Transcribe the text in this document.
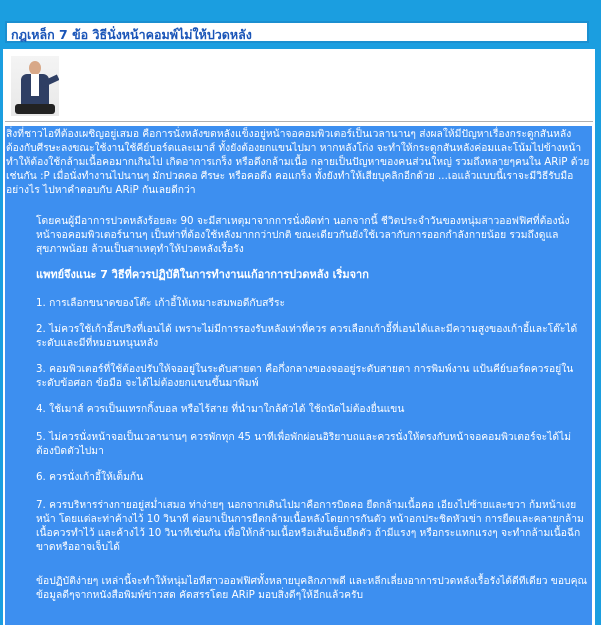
กฎเหล็ก 7 ข้อ วิธีนั่งหน้าคอมพ์ไม่ให้ปวดหลัง
สิ่งที่ชาวไอทีต้องเผชิญอยู่เสมอ คือการนั่งหลังขดหลังแข็งอยู่หน้าจอคอมพิวเตอร์เป็นเวลานานๆ ส่งผลให้มีปัญหาเรื่องกระดูกสันหลัง ต้องกับศีรษะลงขณะใช้งานใช้คีย์บอร์ดและเมาส์ ทั้งยังต้องยกแขนไปมา หากหลังโก่ง จะทำให้กระดูกสันหลังค่อมและโน้มไปข้างหน้า ทำให้ต้องใช้กล้ามเนื้อคอมากเกินไป เกิดอาการเกร็ง หรือดึงกล้ามเนื้อ กลายเป็นปัญหาของคนส่วนใหญ่ รวมถึงหลายๆคนใน ARiP ด้วยเช่นกัน :P เมื่อนั่งทำงานไปนานๆ มักปวดคอ ศีรษะ หรือคอตึง คอแกร็ง ทั้งยังทำให้เสียบุคลิกอีกด้วย ...เอแล้วแบบนี้เราจะมีวิธีรับมืออย่างไร ไปหาคำตอบกับ ARiP กันเลยดีกว่า
โดยคนผู้มีอาการปวดหลังร้อยละ 90 จะมีสาเหตุมาจากการนั่งผิดท่า นอกจากนี้ ชีวิตประจำวันของหนุ่มสาวออฟฟิศที่ต้องนั่งหน้าจอคอมพิวเตอร์นานๆ เป็นท่าที่ต้องใช้หลังมากกว่าปกติ ขณะเดียวกันยังใช้เวลากับการออกกำลังกายน้อย รวมถึงดูแลสุขภาพน้อย ล้วนเป็นสาเหตุทำให้ปวดหลังเรื้อรัง
แพทย์จึงแนะ 7 วิธีที่ควรปฏิบัติในการทำงานแก้อาการปวดหลัง เริ่มจาก
1. การเลือกขนาดของโต๊ะ เก้าอี้ให้เหมาะสมพอดีกับสรีระ
2. ไม่ควรใช้เก้าอี้สปริงที่เอนได้ เพราะไม่มีการรองรับหลังเท่าที่ควร ควรเลือกเก้าอี้ที่เอนได้และมีความสูงของเก้าอี้และโต๊ะได้ระดับและมีที่หมอนหนุนหลัง
3. คอมพิวเตอร์ที่ใช้ต้องปรับให้จออยู่ในระดับสายตา คือกึ่งกลางของจออยู่ระดับสายตา การพิมพ์งาน แป้นคีย์บอร์ดควรอยู่ในระดับข้อศอก ข้อมือ จะได้ไม่ต้องยกแขนขึ้นมาพิมพ์
4. ใช้เมาส์ ควรเป็นแทรกกิ้งบอล หรือไร้สาย ที่นำมาใกล้ตัวได้ ใช้ถนัดไม่ต้องยื่นแขน
5. ไม่ควรนั่งหน้าจอเป็นเวลานานๆ ควรพักทุก 45 นาทีเพื่อพักผ่อนอิริยาบถและควรนั่งให้ตรงกับหน้าจอคอมพิวเตอร์จะได้ไม่ต้องบิดตัวไปมา
6. ควรนั่งเก้าอี้ให้เต็มก้น
7. ควรบริหารร่างกายอยู่สม่ำเสมอ ท่าง่ายๆ นอกจากเดินไปมาคือการบิดคอ ยืดกล้ามเนื้อคอ เอียงไปซ้ายและขวา ก้มหน้าเงยหน้า โดยแต่ละท่าค้างไว้ 10 วินาที ต่อมาเป็นการยืดกล้ามเนื้อหลังโดยการกันตัว หน้าอกประชิดหัวเข่า การยืดและคลายกล้ามเนื้อควรทำไว้ และค้างไว้ 10 วินาทีเช่นกัน เพื่อให้กล้ามเนื้อหรือเส้นเอ็นยืดตัว ถ้ามีแรงๆ หรือกระแทกแรงๆ จะทำกล้ามเนื้อฉีกขาดหรืออาจเจ็บได้
ข้อปฏิบัติง่ายๆ เหล่านี้จะทำให้หนุ่มไอทีสาวออฟฟิศทั้งหลายบุคลิกภาพดี และหลีกเลี่ยงอาการปวดหลังเรื้อรังได้ดีทีเดียว ขอบคุณข้อมูลดีๆจากหนังสือพิมพ์ข่าวสด คัดสรรโดย ARiP มอบสิ่งดีๆให้อีกแล้วครับ
